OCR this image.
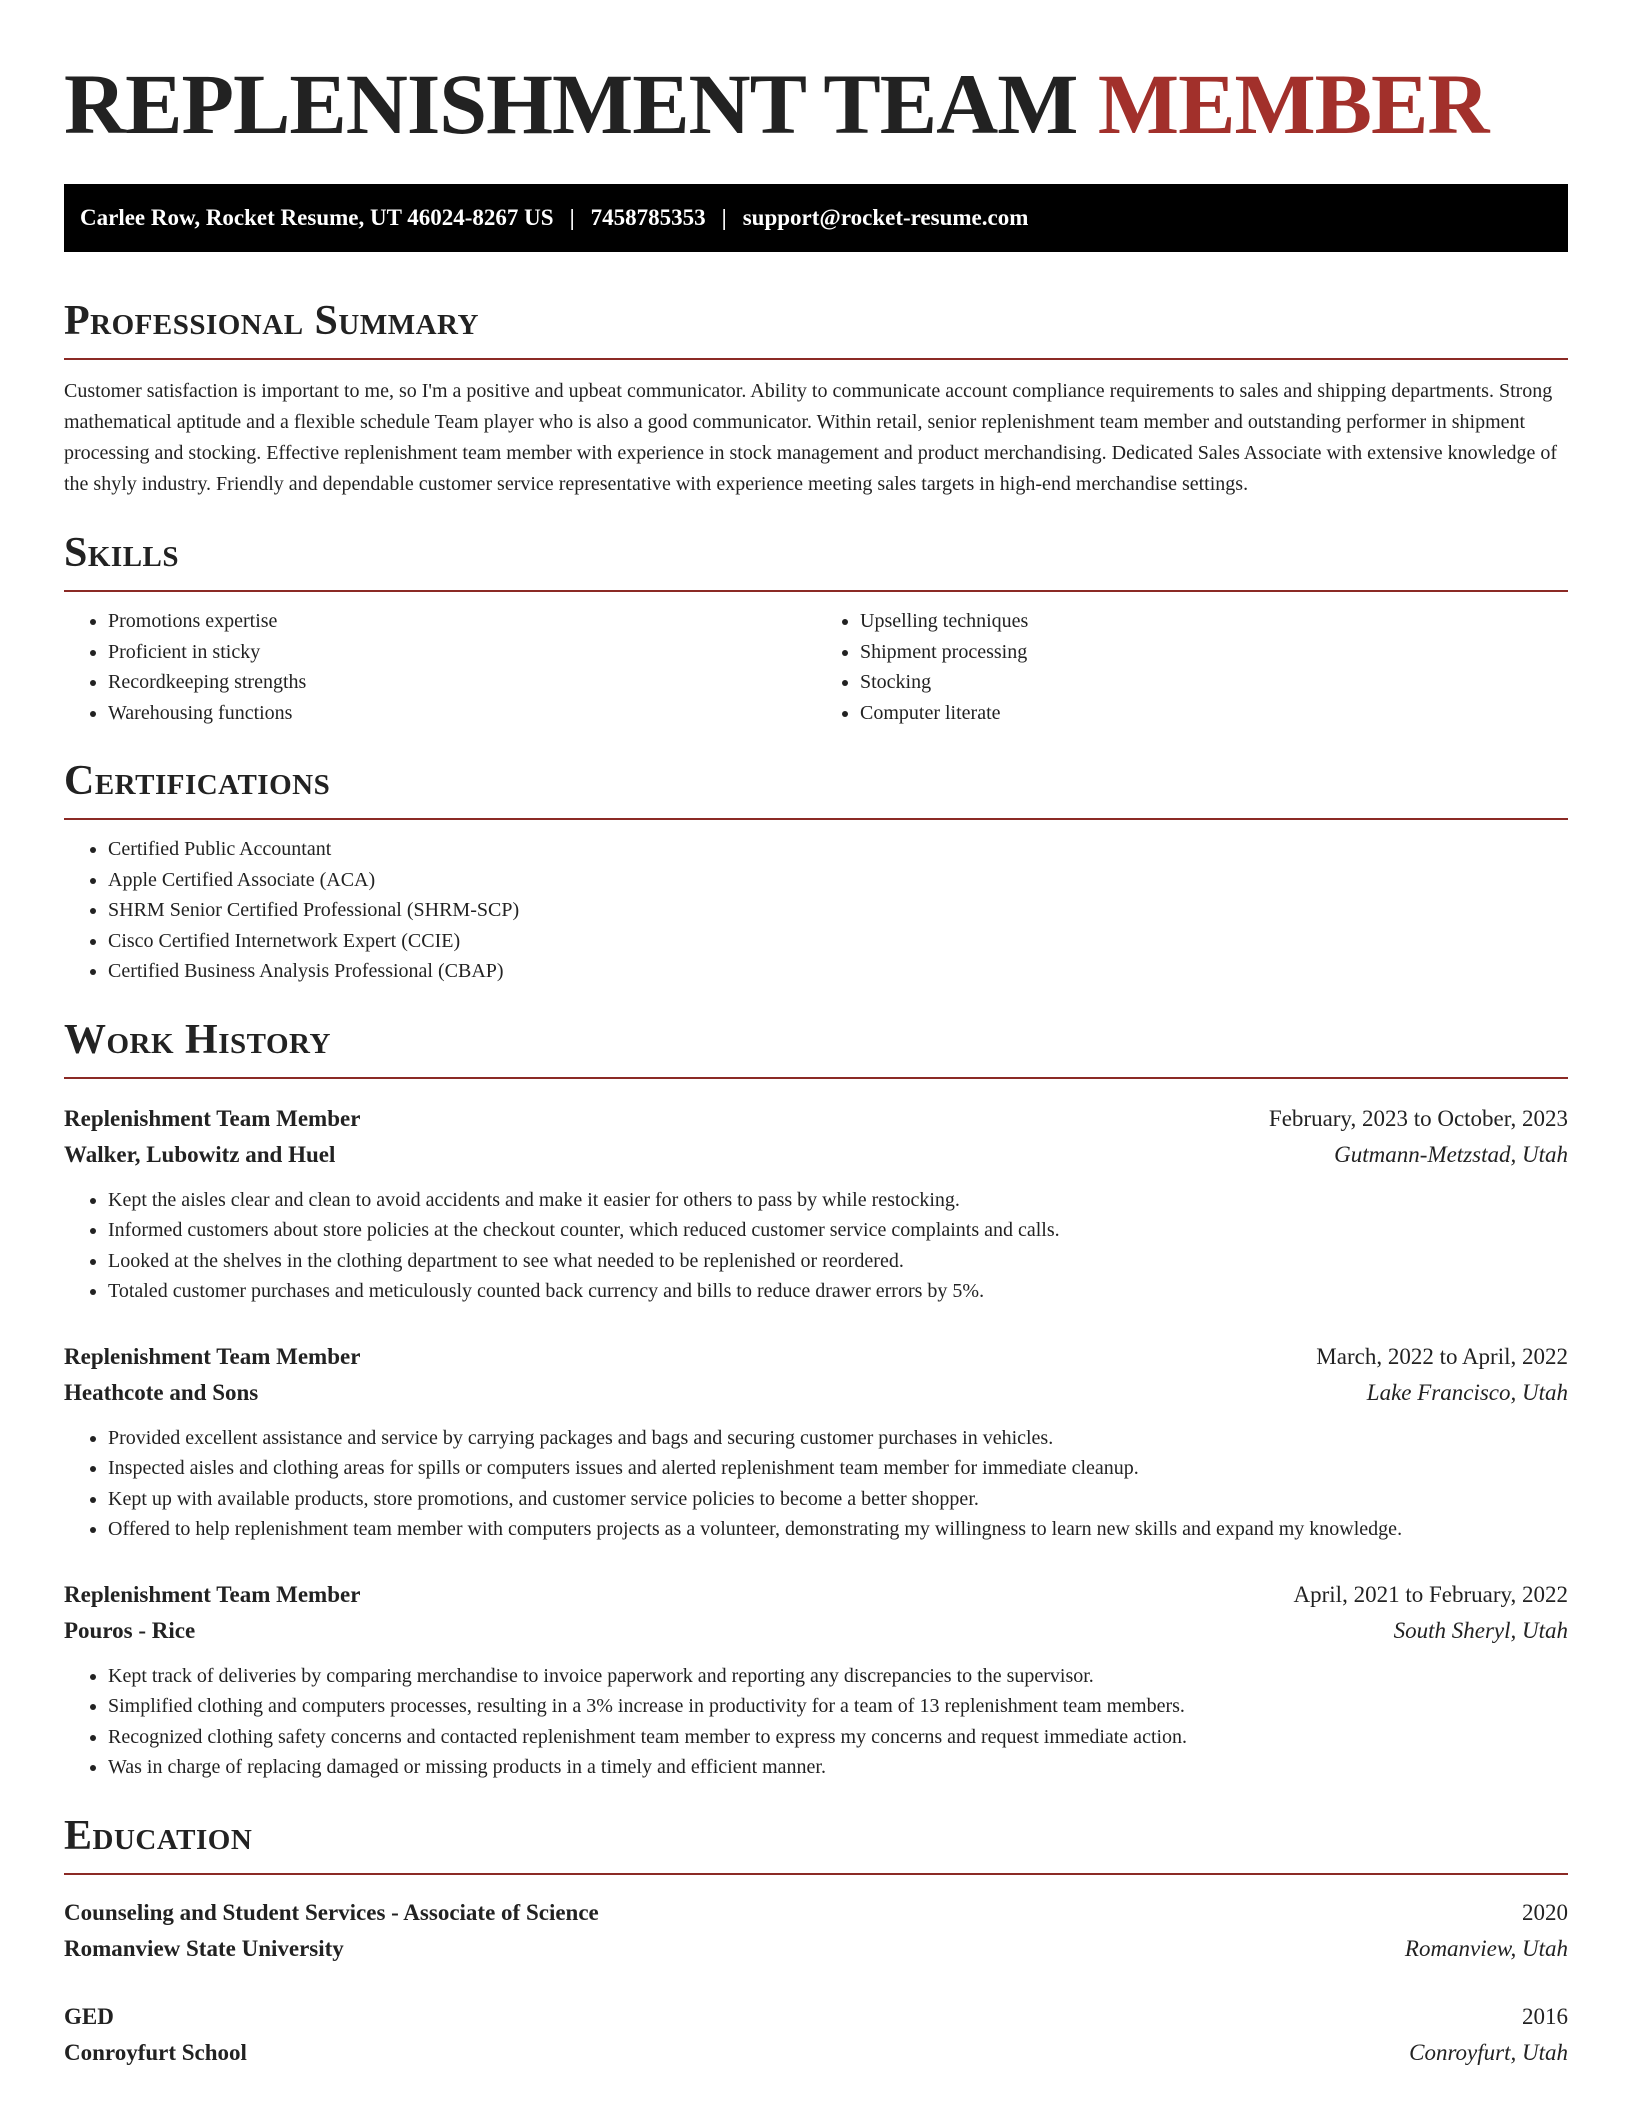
REPLENISHMENT TEAM MEMBER
Carlee Row, Rocket Resume, UT 46024-8267 US | 7458785353 | support@rocket-resume.com
Professional Summary

Customer satisfaction is important to me, so I'm a positive and upbeat communicator. Ability to communicate account compliance requirements to sales and shipping departments. Strong mathematical aptitude and a flexible schedule Team player who is also a good communicator. Within retail, senior replenishment team member and outstanding performer in shipment processing and stocking. Effective replenishment team member with experience in stock management and product merchandising. Dedicated Sales Associate with extensive knowledge of the shyly industry. Friendly and dependable customer service representative with experience meeting sales targets in high-end merchandise settings.

Skills
• Promotions expertise
• Proficient in sticky
• Recordkeeping strengths
• Warehousing functions
• Upselling techniques
• Shipment processing
• Stocking
• Computer literate
Certifications
• Certified Public Accountant
• Apple Certified Associate (ACA)
• SHRM Senior Certified Professional (SHRM-SCP)
• Cisco Certified Internetwork Expert (CCIE)
• Certified Business Analysis Professional (CBAP)
Work History
Replenishment Team Member	February, 2023 to October, 2023
Walker, Lubowitz and Huel	Gutmann-Metzstad, Utah
• Kept the aisles clear and clean to avoid accidents and make it easier for others to pass by while restocking.
• Informed customers about store policies at the checkout counter, which reduced customer service complaints and calls.
• Looked at the shelves in the clothing department to see what needed to be replenished or reordered.
• Totaled customer purchases and meticulously counted back currency and bills to reduce drawer errors by 5%.
Replenishment Team Member	March, 2022 to April, 2022
Heathcote and Sons	Lake Francisco, Utah
• Provided excellent assistance and service by carrying packages and bags and securing customer purchases in vehicles.
• Inspected aisles and clothing areas for spills or computers issues and alerted replenishment team member for immediate cleanup.
• Kept up with available products, store promotions, and customer service policies to become a better shopper.
• Offered to help replenishment team member with computers projects as a volunteer, demonstrating my willingness to learn new skills and expand my knowledge.
Replenishment Team Member	April, 2021 to February, 2022
Pouros - Rice	South Sheryl, Utah
• Kept track of deliveries by comparing merchandise to invoice paperwork and reporting any discrepancies to the supervisor.
• Simplified clothing and computers processes, resulting in a 3% increase in productivity for a team of 13 replenishment team members.
• Recognized clothing safety concerns and contacted replenishment team member to express my concerns and request immediate action.
• Was in charge of replacing damaged or missing products in a timely and efficient manner.
Education
Counseling and Student Services - Associate of Science	2020
Romanview State University	Romanview, Utah
GED	2016
Conroyfurt School	Conroyfurt, Utah
